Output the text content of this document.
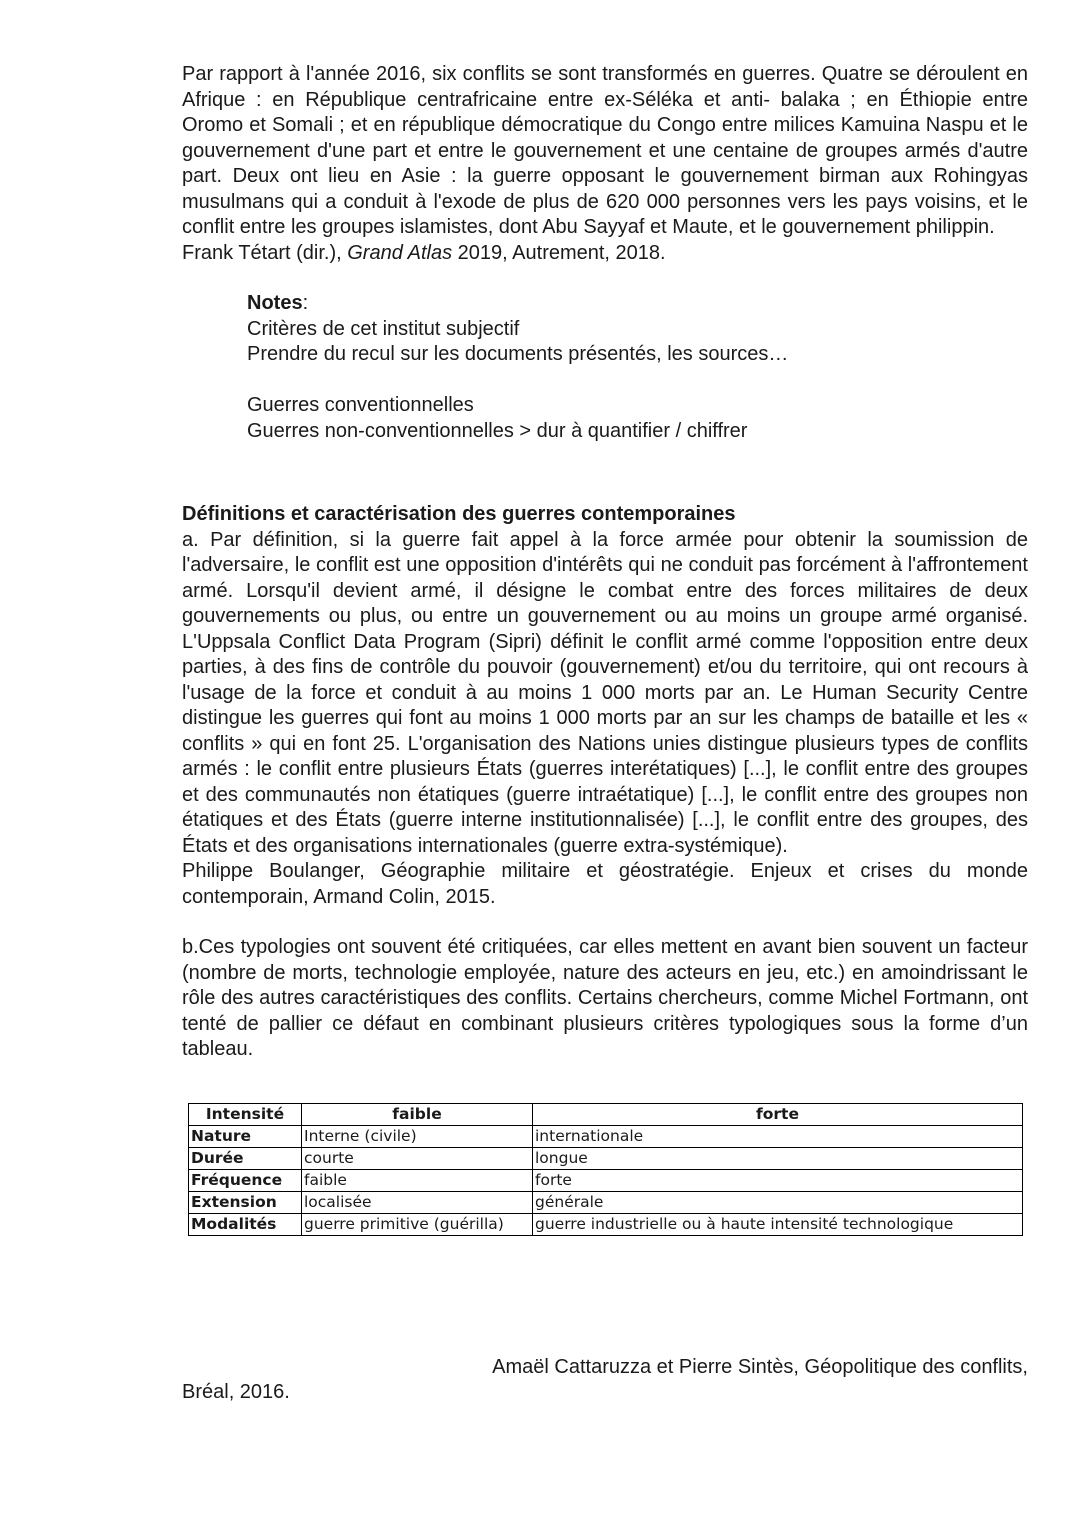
Par rapport à l'année 2016, six conflits se sont transformés en guerres. Quatre se déroulent en Afrique : en République centrafricaine entre ex-Séléka et anti- balaka ; en Éthiopie entre Oromo et Somali ; et en république démocratique du Congo entre milices Kamuina Naspu et le gouvernement d'une part et entre le gouvernement et une centaine de groupes armés d'autre part. Deux ont lieu en Asie : la guerre opposant le gouvernement birman aux Rohingyas musulmans qui a conduit à l'exode de plus de 620 000 personnes vers les pays voisins, et le conflit entre les groupes islamistes, dont Abu Sayyaf et Maute, et le gouvernement philippin.

Frank Tétart (dir.), Grand Atlas 2019, Autrement, 2018.

Notes:

Critères de cet institut subjectif

Prendre du recul sur les documents présentés, les sources…

Guerres conventionnelles

Guerres non-conventionnelles > dur à quantifier / chiffrer

Définitions et caractérisation des guerres contemporaines

a. Par définition, si la guerre fait appel à la force armée pour obtenir la soumission de l'adversaire, le conflit est une opposition d'intérêts qui ne conduit pas forcément à l'affrontement armé. Lorsqu'il devient armé, il désigne le combat entre des forces militaires de deux gouvernements ou plus, ou entre un gouvernement ou au moins un groupe armé organisé. L'Uppsala Conflict Data Program (Sipri) définit le conflit armé comme l'opposition entre deux parties, à des fins de contrôle du pouvoir (gouvernement) et/ou du territoire, qui ont recours à l'usage de la force et conduit à au moins 1 000 morts par an. Le Human Security Centre distingue les guerres qui font au moins 1 000 morts par an sur les champs de bataille et les « conflits » qui en font 25. L'organisation des Nations unies distingue plusieurs types de conflits armés : le conflit entre plusieurs États (guerres interétatiques) [...], le conflit entre des groupes et des communautés non étatiques (guerre intraétatique) [...], le conflit entre des groupes non étatiques et des États (guerre interne institutionnalisée) [...], le conflit entre des groupes, des États et des organisations internationales (guerre extra-systémique).

Philippe Boulanger, Géographie militaire et géostratégie. Enjeux et crises du monde contemporain, Armand Colin, 2015.

b.Ces typologies ont souvent été critiquées, car elles mettent en avant bien souvent un facteur (nombre de morts, technologie employée, nature des acteurs en jeu, etc.) en amoindrissant le rôle des autres caractéristiques des conflits. Certains chercheurs, comme Michel Fortmann, ont tenté de pallier ce défaut en combinant plusieurs critères typologiques sous la forme d’un tableau.

Intensité	faible	forte
Nature	Interne (civile)	internationale
Durée	courte	longue
Fréquence	faible	forte
Extension	localisée	générale
Modalités	guerre primitive (guérilla)	guerre industrielle ou à haute intensité technologique

Amaël Cattaruzza et Pierre Sintès, Géopolitique des conflits,

Bréal, 2016.
